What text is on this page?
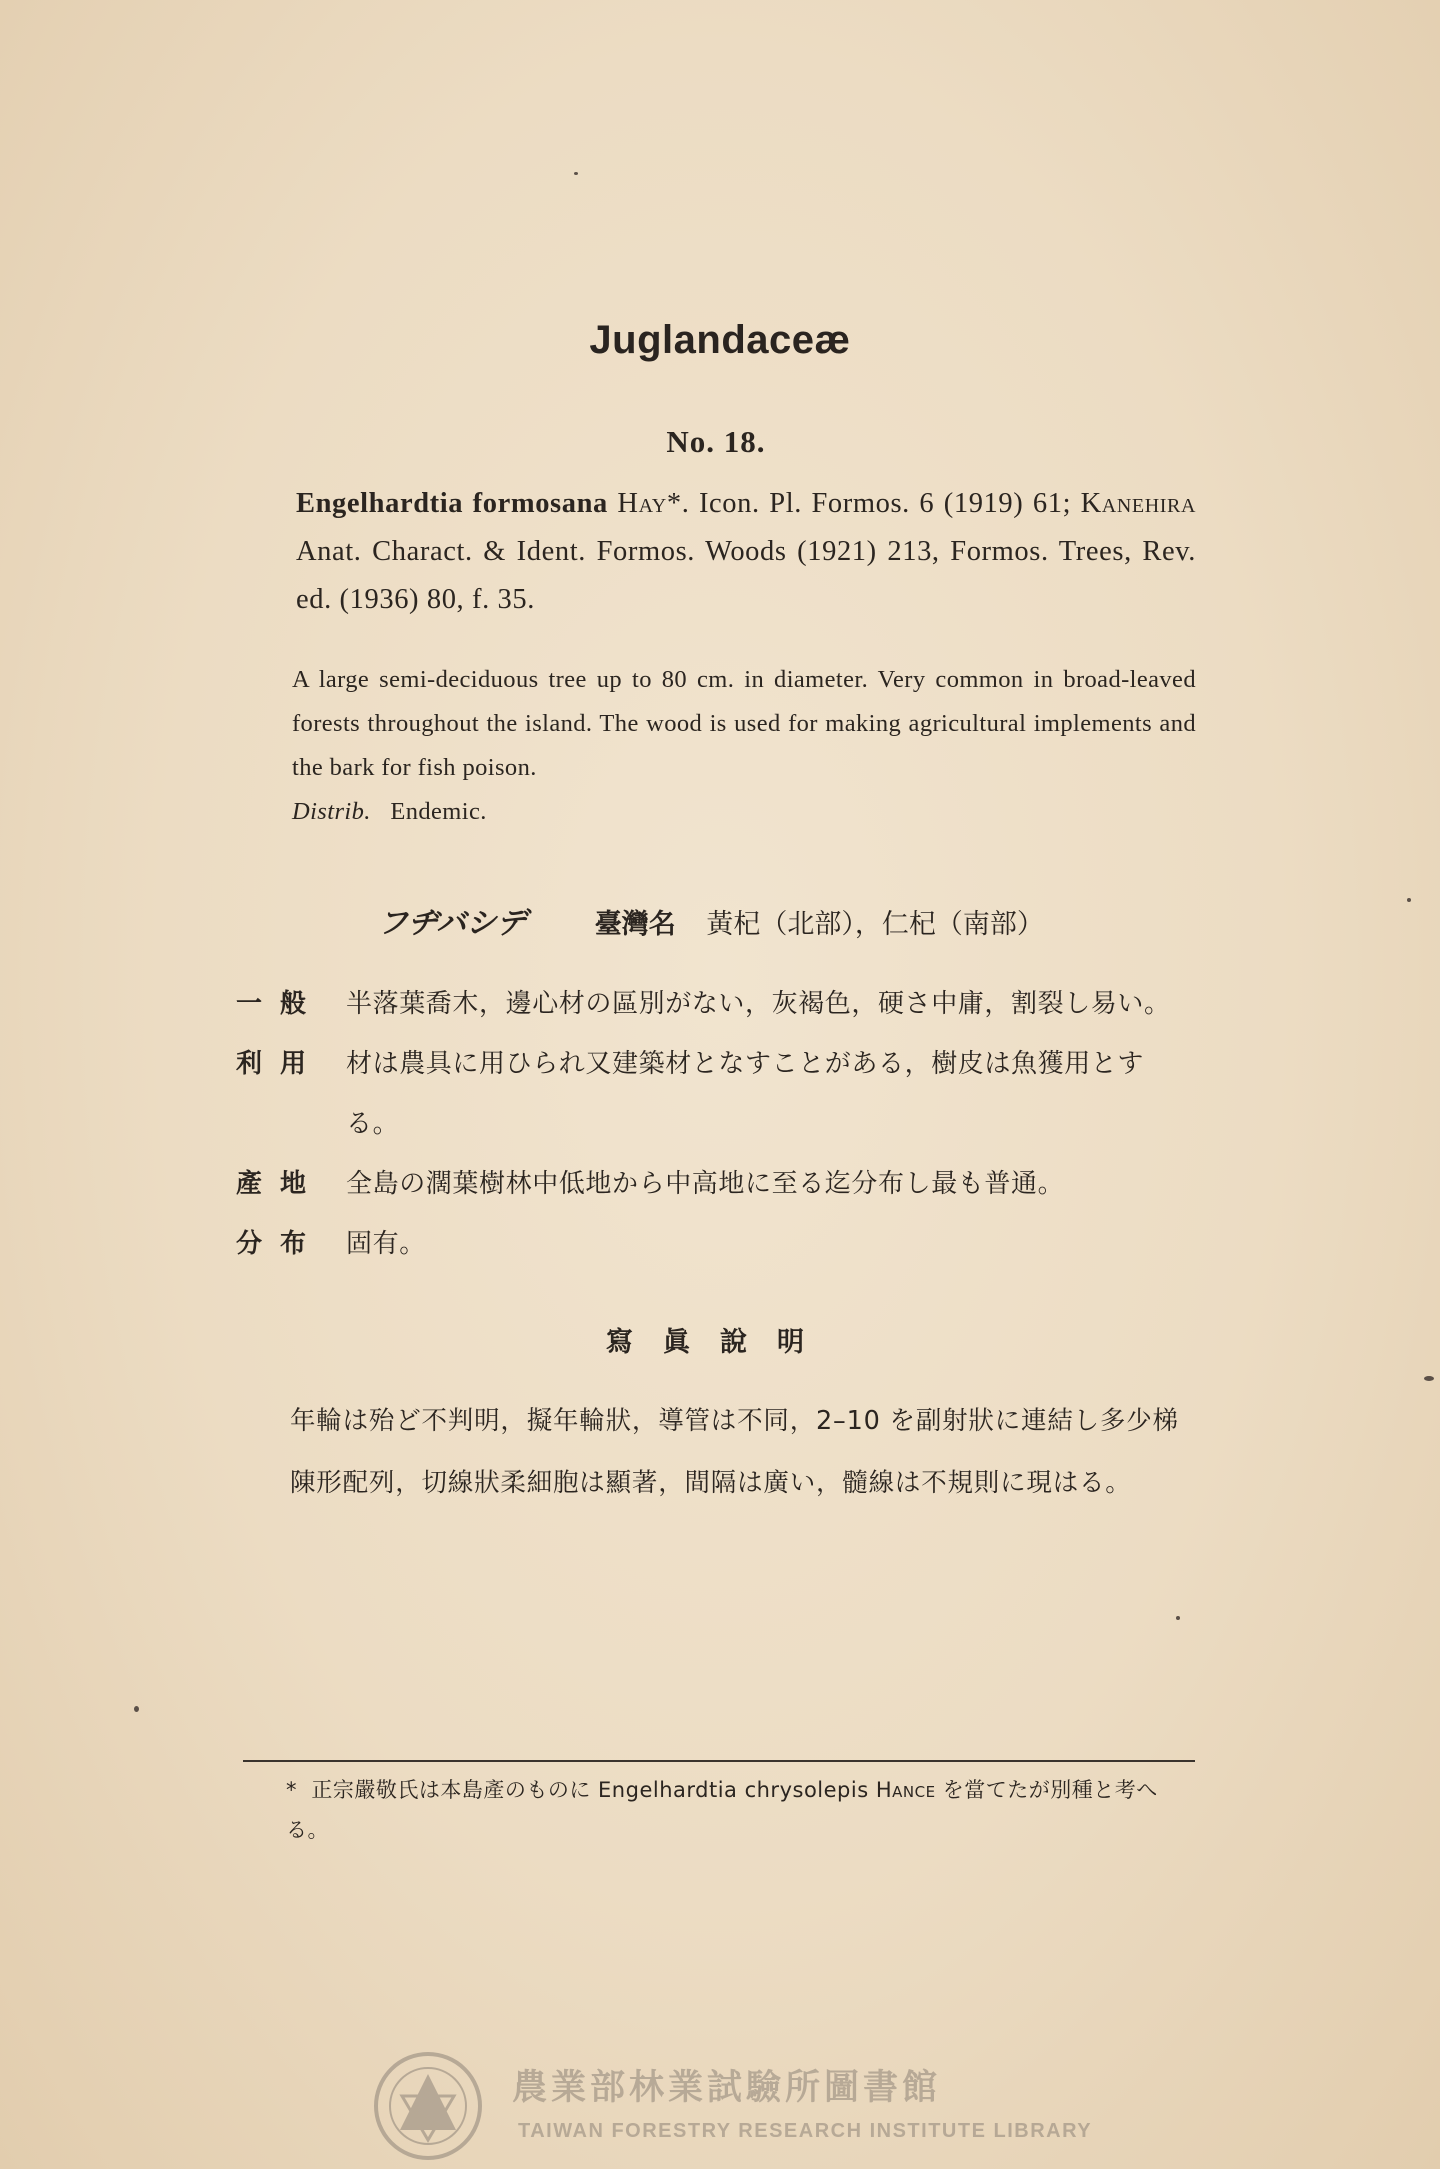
Juglandaceæ
No. 18.
Engelhardtia formosana Hay*. Icon. Pl. Formos. 6 (1919) 61; Kanehira Anat. Charact. & Ident. Formos. Woods (1921) 213, Formos. Trees, Rev. ed. (1936) 80, f. 35.

A large semi-deciduous tree up to 80 cm. in diameter. Very common in broad-leaved forests throughout the island. The wood is used for making agricultural implements and the bark for fish poison.

Distrib. Endemic.

フヂバシデ	臺灣名 黃杞（北部），仁杞（南部）
一般 半落葉喬木，邊心材の區別がない，灰褐色，硬さ中庸，割裂し易い。
利用 材は農具に用ひられ又建築材となすことがある，樹皮は魚獲用とする。
產地 全島の濶葉樹林中低地から中高地に至る迄分布し最も普通。
分布 固有。
寫眞說明
年輪は殆ど不判明，擬年輪狀，導管は不同，2–10 を副射狀に連結し多少梯陳形配列，切線狀柔細胞は顯著，間隔は廣い，髓線は不規則に現はる。
* 正宗嚴敬氏は本島產のものに Engelhardtia chrysolepis Hance を當てたが別種と考へる。
農業部林業試驗所圖書館
TAIWAN FORESTRY RESEARCH INSTITUTE LIBRARY
